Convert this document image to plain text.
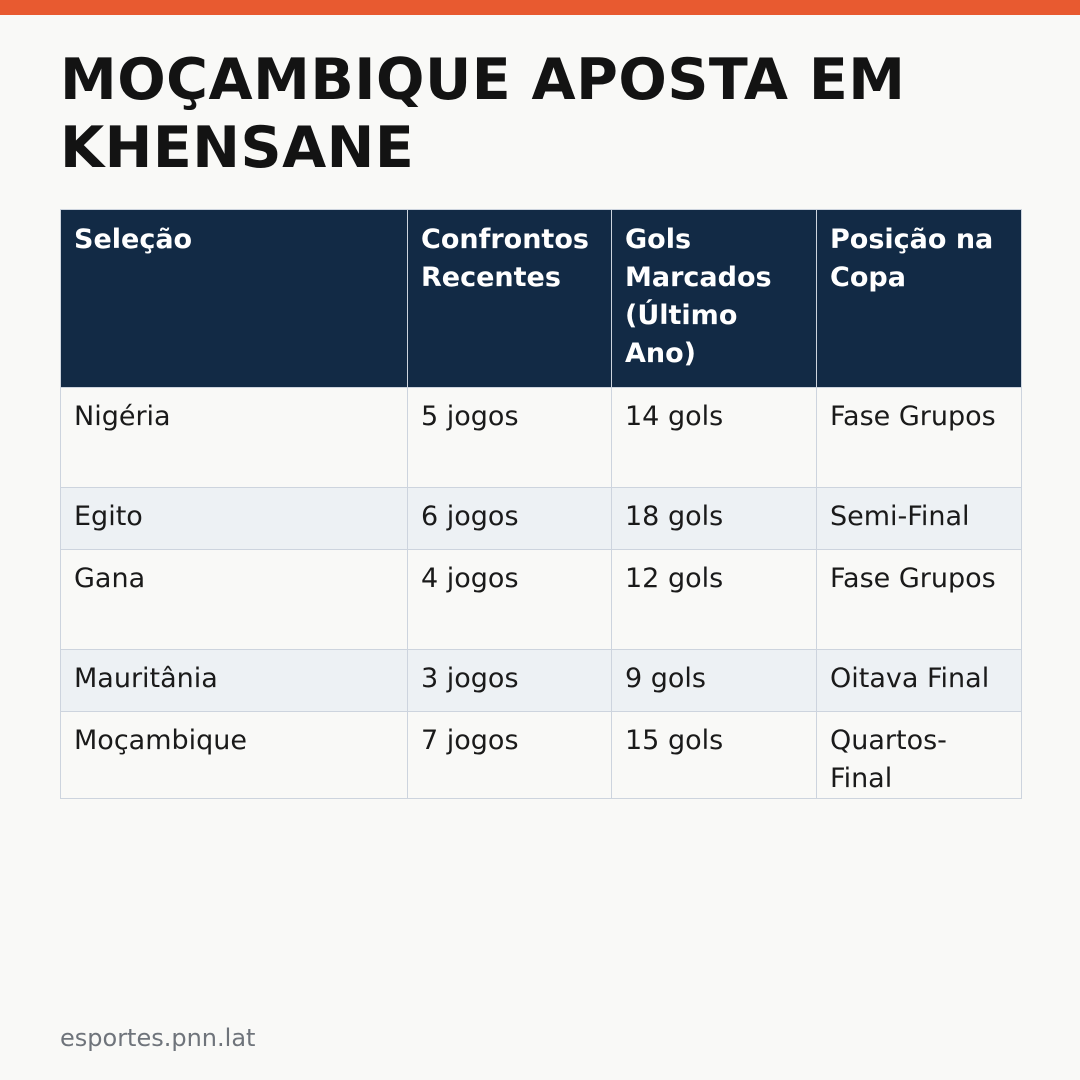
MOÇAMBIQUE APOSTA EM KHENSANE
Seleção	Confrontos Recentes	Gols Marcados (Último Ano)	Posição na Copa
Nigéria	5 jogos	14 gols	Fase Grupos
Egito	6 jogos	18 gols	Semi-Final
Gana	4 jogos	12 gols	Fase Grupos
Mauritânia	3 jogos	9 gols	Oitava Final
Moçambique	7 jogos	15 gols	Quartos-Final
esportes.pnn.lat
